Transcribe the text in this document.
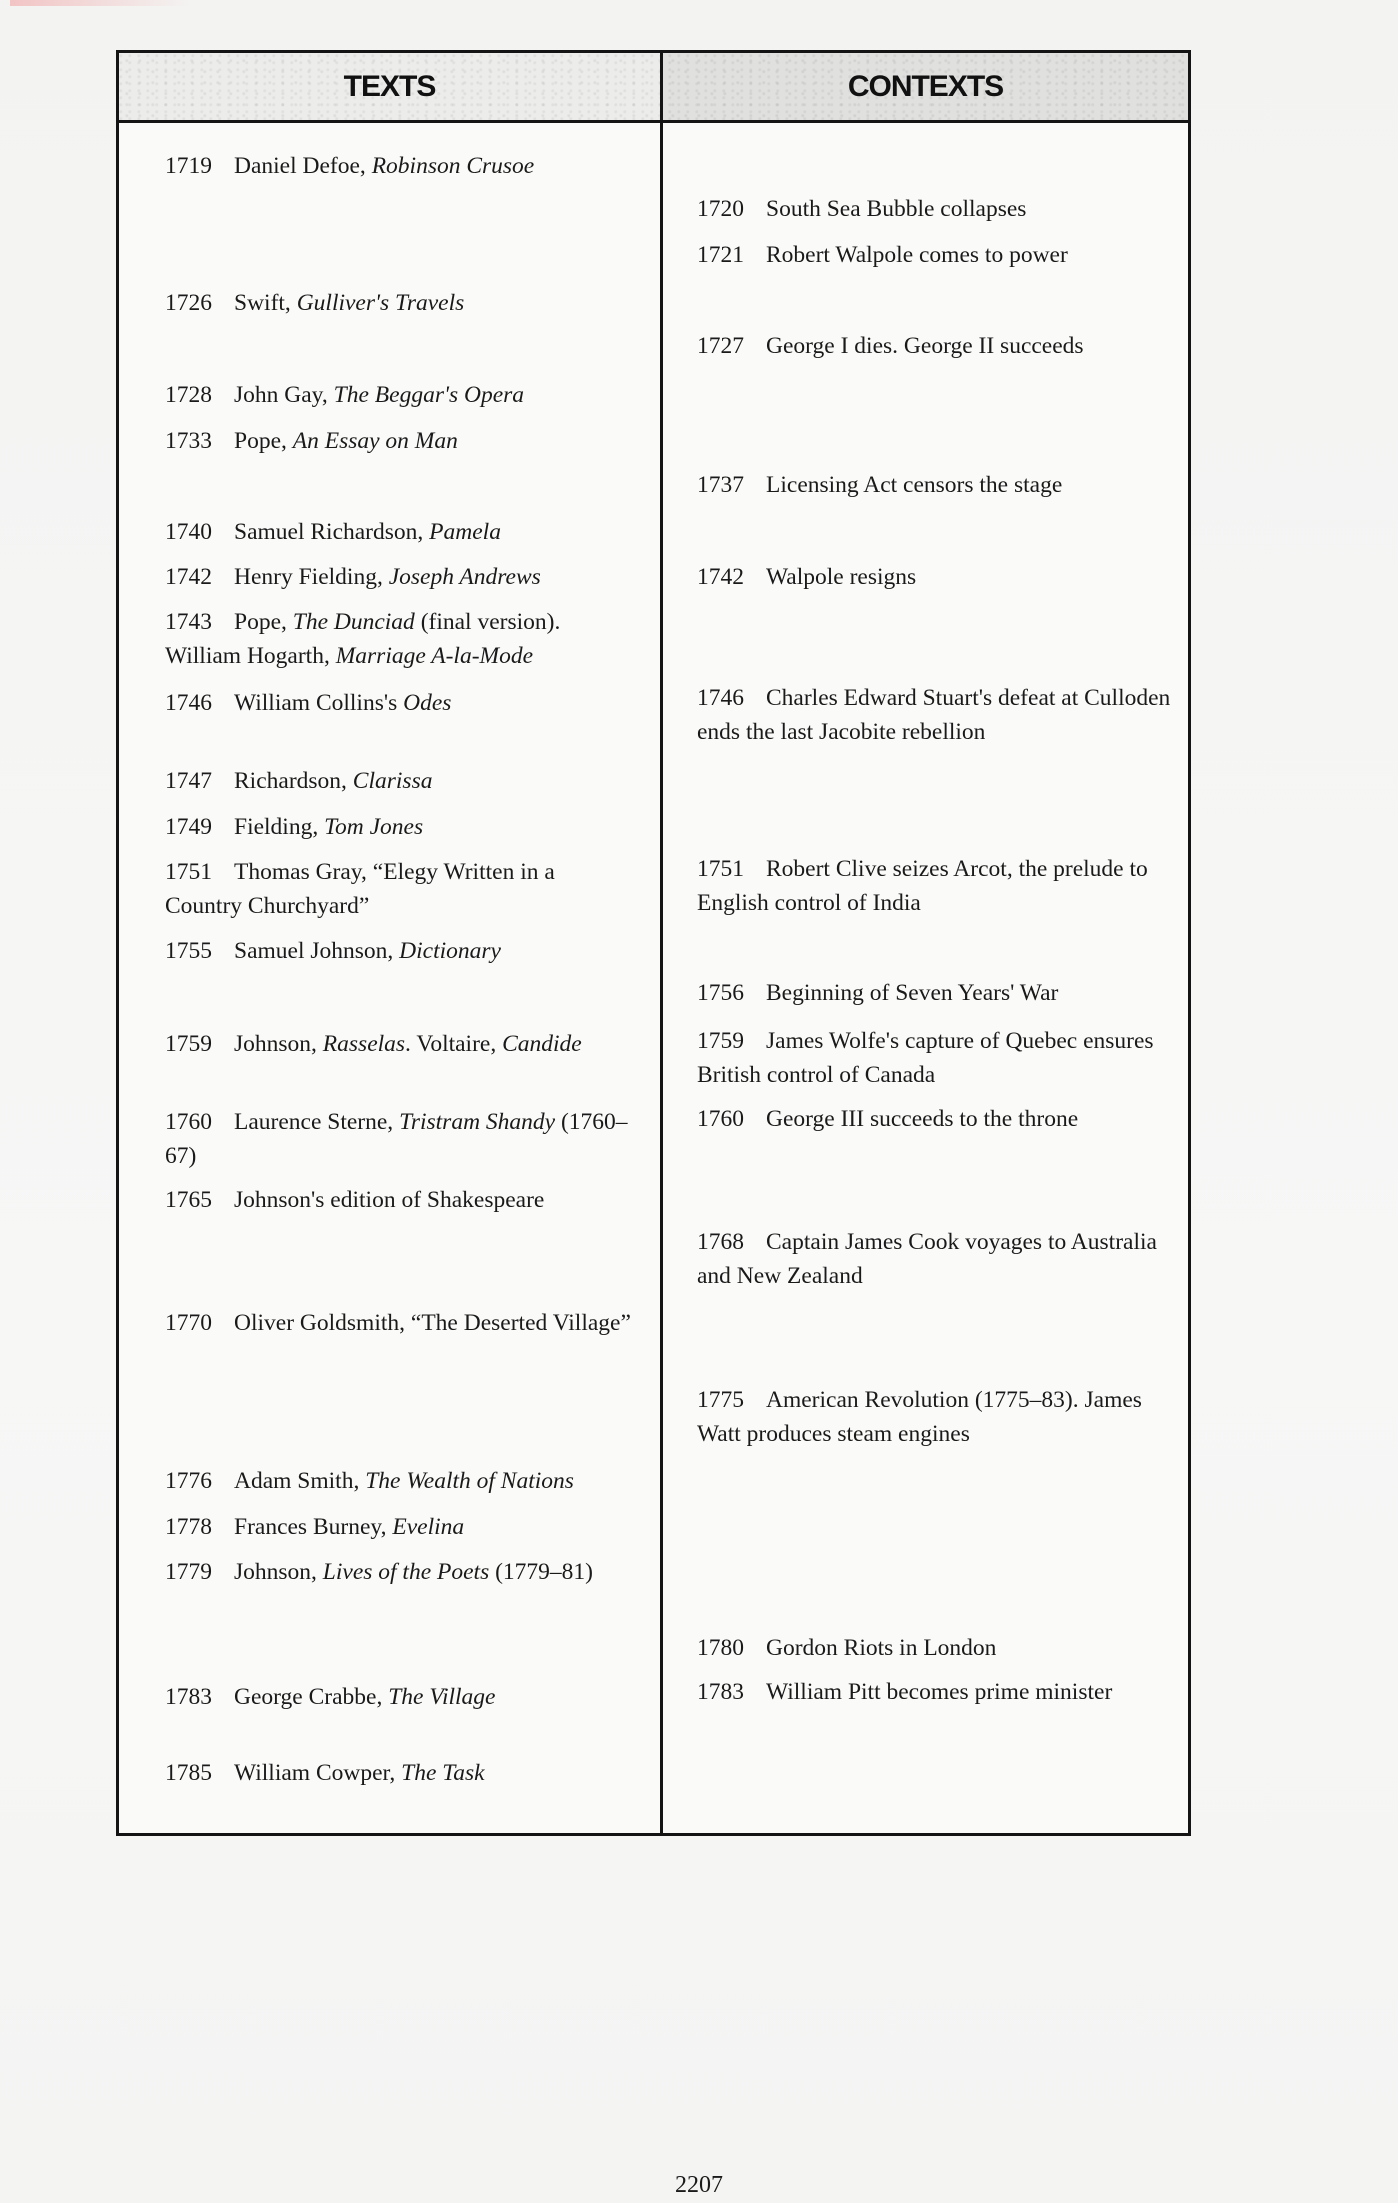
TEXTS	CONTEXTS
1719 Daniel Defoe, Robinson Crusoe
1726 Swift, Gulliver's Travels
1728 John Gay, The Beggar's Opera
1733 Pope, An Essay on Man
1740 Samuel Richardson, Pamela
1742 Henry Fielding, Joseph Andrews
1743 Pope, The Dunciad (final version). William Hogarth, Marriage A-la-Mode
1746 William Collins's Odes
1747 Richardson, Clarissa
1749 Fielding, Tom Jones
1751 Thomas Gray, “Elegy Written in a Country Churchyard”
1755 Samuel Johnson, Dictionary
1759 Johnson, Rasselas. Voltaire, Candide
1760 Laurence Sterne, Tristram Shandy (1760–67)
1765 Johnson's edition of Shakespeare
1770 Oliver Goldsmith, “The Deserted Village”
1776 Adam Smith, The Wealth of Nations
1778 Frances Burney, Evelina
1779 Johnson, Lives of the Poets (1779–81)
1783 George Crabbe, The Village
1785 William Cowper, The Task
1720 South Sea Bubble collapses
1721 Robert Walpole comes to power
1727 George I dies. George II succeeds
1737 Licensing Act censors the stage
1742 Walpole resigns
1746 Charles Edward Stuart's defeat at Culloden ends the last Jacobite rebellion
1751 Robert Clive seizes Arcot, the prelude to English control of India
1756 Beginning of Seven Years' War
1759 James Wolfe's capture of Quebec ensures British control of Canada
1760 George III succeeds to the throne
1768 Captain James Cook voyages to Australia and New Zealand
1775 American Revolution (1775–83). James Watt produces steam engines
1780 Gordon Riots in London
1783 William Pitt becomes prime minister
2207
